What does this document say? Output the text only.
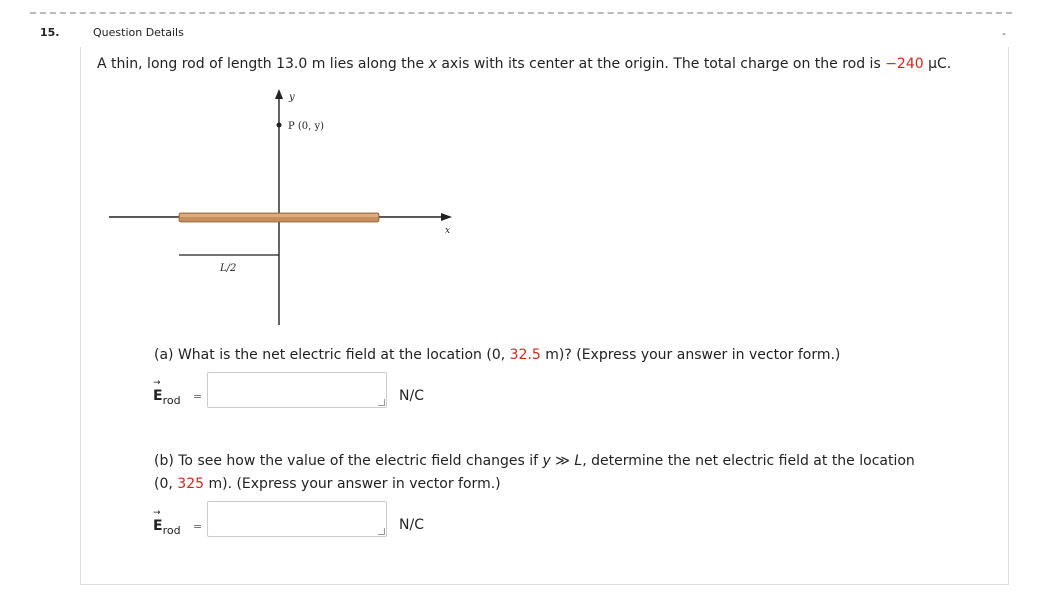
15.	Question Details	-
A thin, long rod of length 13.0 m lies along the x axis with its center at the origin. The total charge on the rod is −240 μC.
y
P (0, y)
x
L/2
(a) What is the net electric field at the location (0, 32.5 m)? (Express your answer in vector form.)
→ $E_{rod}$ =	N/C
(b) To see how the value of the electric field changes if y ≫ L, determine the net electric field at the location
(0, 325 m). (Express your answer in vector form.)
→ $E_{rod}$ =	N/C
